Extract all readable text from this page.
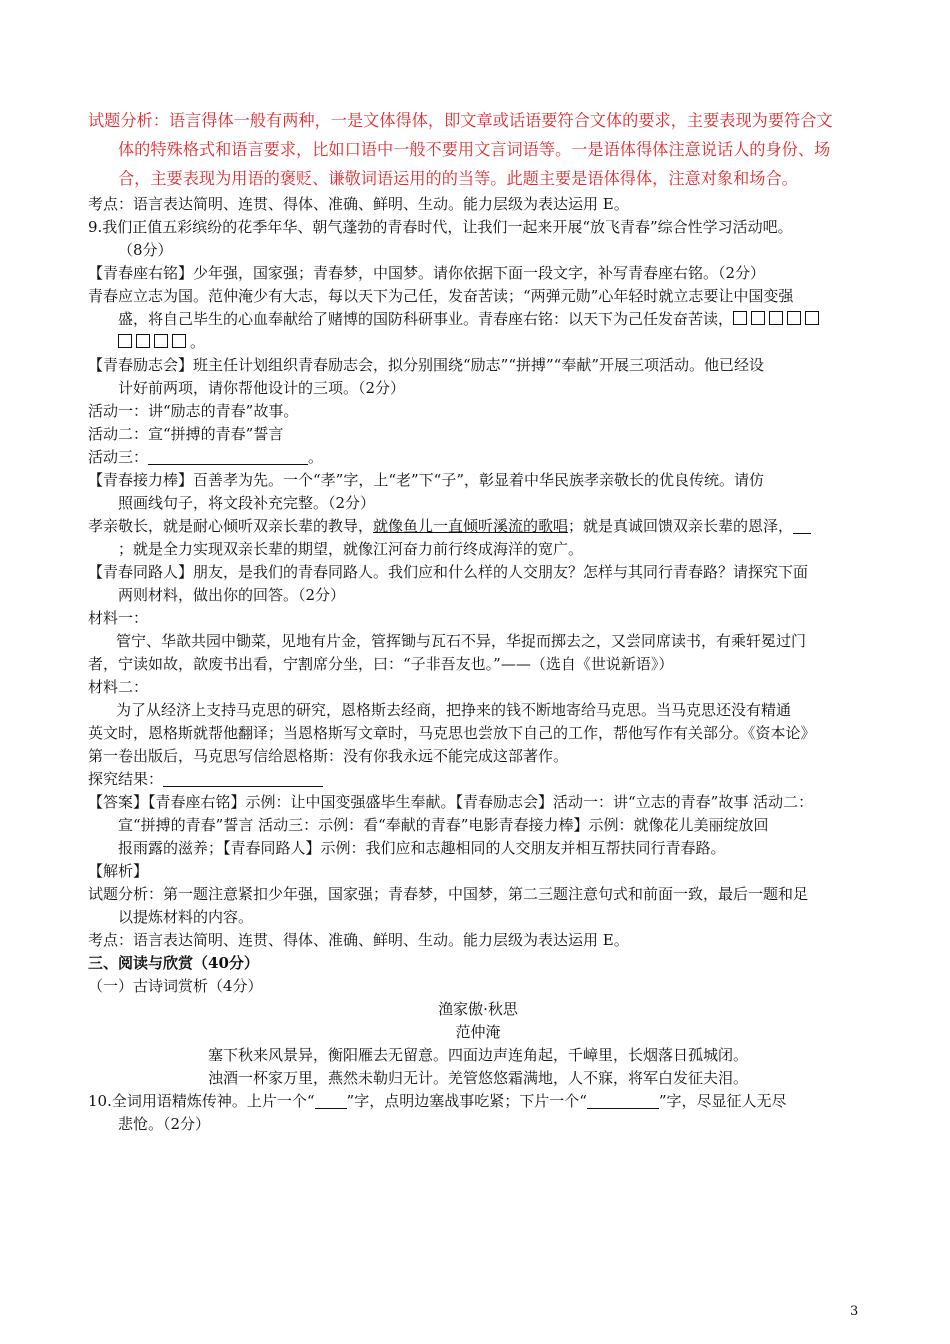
试题分析：语言得体一般有两种，一是文体得体，即文章或话语要符合文体的要求，主要表现为要符合文
体的特殊格式和语言要求，比如口语中一般不要用文言词语等。一是语体得体注意说话人的身份、场
合，主要表现为用语的褒贬、谦敬词语运用的的当等。此题主要是语体得体，注意对象和场合。
考点：语言表达简明、连贯、得体、准确、鲜明、生动。能力层级为表达运用 E。
9.我们正值五彩缤纷的花季年华、朝气蓬勃的青春时代，让我们一起来开展“放飞青春”综合性学习活动吧。
（8分）
【青春座右铭】少年强，国家强；青春梦，中国梦。请你依据下面一段文字，补写青春座右铭。（2分）
青春应立志为国。范仲淹少有大志，每以天下为己任，发奋苦读；“两弹元勋”心年轻时就立志要让中国变强
盛，将自己毕生的心血奉献给了赌博的国防科研事业。青春座右铭：以天下为己任发奋苦读，
。
【青春励志会】班主任计划组织青春励志会，拟分别围绕“励志”“拼搏”“奉献”开展三项活动。他已经设
计好前两项，请你帮他设计的三项。（2分）
活动一：讲“励志的青春”故事。
活动二：宣“拼搏的青春”誓言
活动三：	。
【青春接力棒】百善孝为先。一个“孝”字，上“老”下“子”，彰显着中华民族孝亲敬长的优良传统。请仿
照画线句子，将文段补充完整。（2分）
孝亲敬长，就是耐心倾听双亲长辈的教导，就像鱼儿一直倾听溪流的歌唱；就是真诚回馈双亲长辈的恩泽，
；就是全力实现双亲长辈的期望，就像江河奋力前行终成海洋的宽广。
【青春同路人】朋友，是我们的青春同路人。我们应和什么样的人交朋友？怎样与其同行青春路？请探究下面
两则材料，做出你的回答。（2分）
材料一：
管宁、华歆共园中锄菜，见地有片金，管挥锄与瓦石不异，华捉而掷去之，又尝同席读书，有乘轩冕过门
者，宁读如故，歆废书出看，宁割席分坐，曰：“子非吾友也。”——（选自《世说新语》）
材料二：
为了从经济上支持马克思的研究，恩格斯去经商，把挣来的钱不断地寄给马克思。当马克思还没有精通
英文时，恩格斯就帮他翻译；当恩格斯写文章时，马克思也尝放下自己的工作，帮他写作有关部分。《资本论》
第一卷出版后，马克思写信给恩格斯：没有你我永远不能完成这部著作。
探究结果：
【答案】【青春座右铭】示例：让中国变强盛毕生奉献。【青春励志会】活动一：讲“立志的青春”故事 活动二：
宣“拼搏的青春”誓言 活动三：示例：看“奉献的青春”电影青春接力棒】示例：就像花儿美丽绽放回
报雨露的滋养；【青春同路人】示例：我们应和志趣相同的人交朋友并相互帮扶同行青春路。
【解析】
试题分析：第一题注意紧扣少年强，国家强；青春梦，中国梦，第二三题注意句式和前面一致，最后一题和足
以提炼材料的内容。
考点：语言表达简明、连贯、得体、准确、鲜明、生动。能力层级为表达运用 E。
三、阅读与欣赏（40分）
（一）古诗词赏析（4分）
渔家傲·秋思
范仲淹
塞下秋来风景异，衡阳雁去无留意。四面边声连角起，千嶂里，长烟落日孤城闭。
浊酒一杯家万里，燕然未勒归无计。羌管悠悠霜满地，人不寐，将军白发征夫泪。
10.全词用语精炼传神。上片一个“ ”字，点明边塞战事吃紧；下片一个“	”字，尽显征人无尽
悲怆。（2分）
3
